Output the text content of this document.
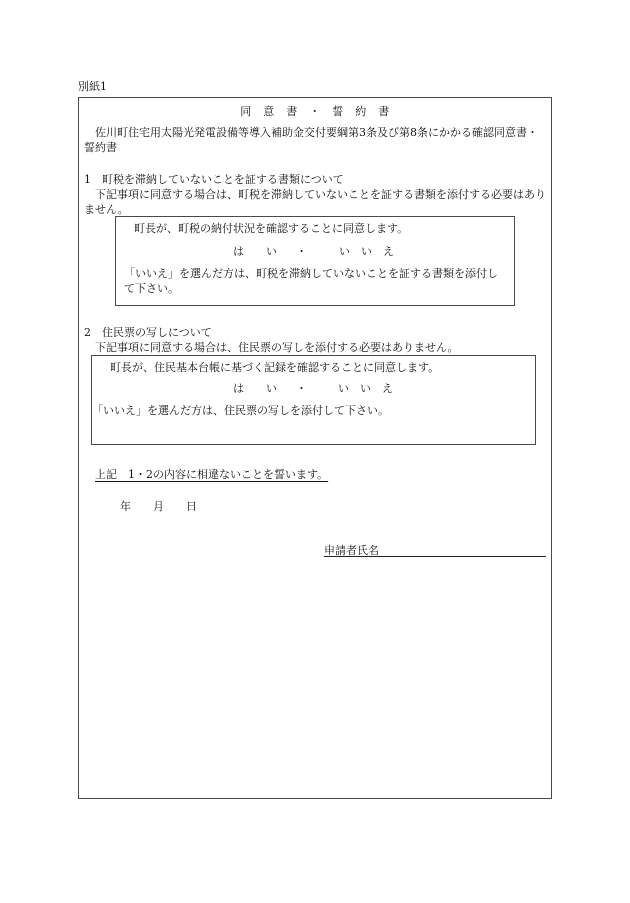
別紙1
同　意　書　・　誓　約　書
佐川町住宅用太陽光発電設備等導入補助金交付要綱第3条及び第8条にかかる確認同意書・誓約書
1　町税を滞納していないことを証する書類について
下記事項に同意する場合は、町税を滞納していないことを証する書類を添付する必要はありません。
町長が、町税の納付状況を確認することに同意します。
は　　い ・	い　い　え
「いいえ」を選んだ方は、町税を滞納していないことを証する書類を添付して下さい。
2　住民票の写しについて
下記事項に同意する場合は、住民票の写しを添付する必要はありません。
町長が、住民基本台帳に基づく記録を確認することに同意します。
は　　い ・	い　い　え
「いいえ」を選んだ方は、住民票の写しを添付して下さい。
上記　1・2の内容に相違ないことを誓います。
年　　月　　日
申請者氏名
